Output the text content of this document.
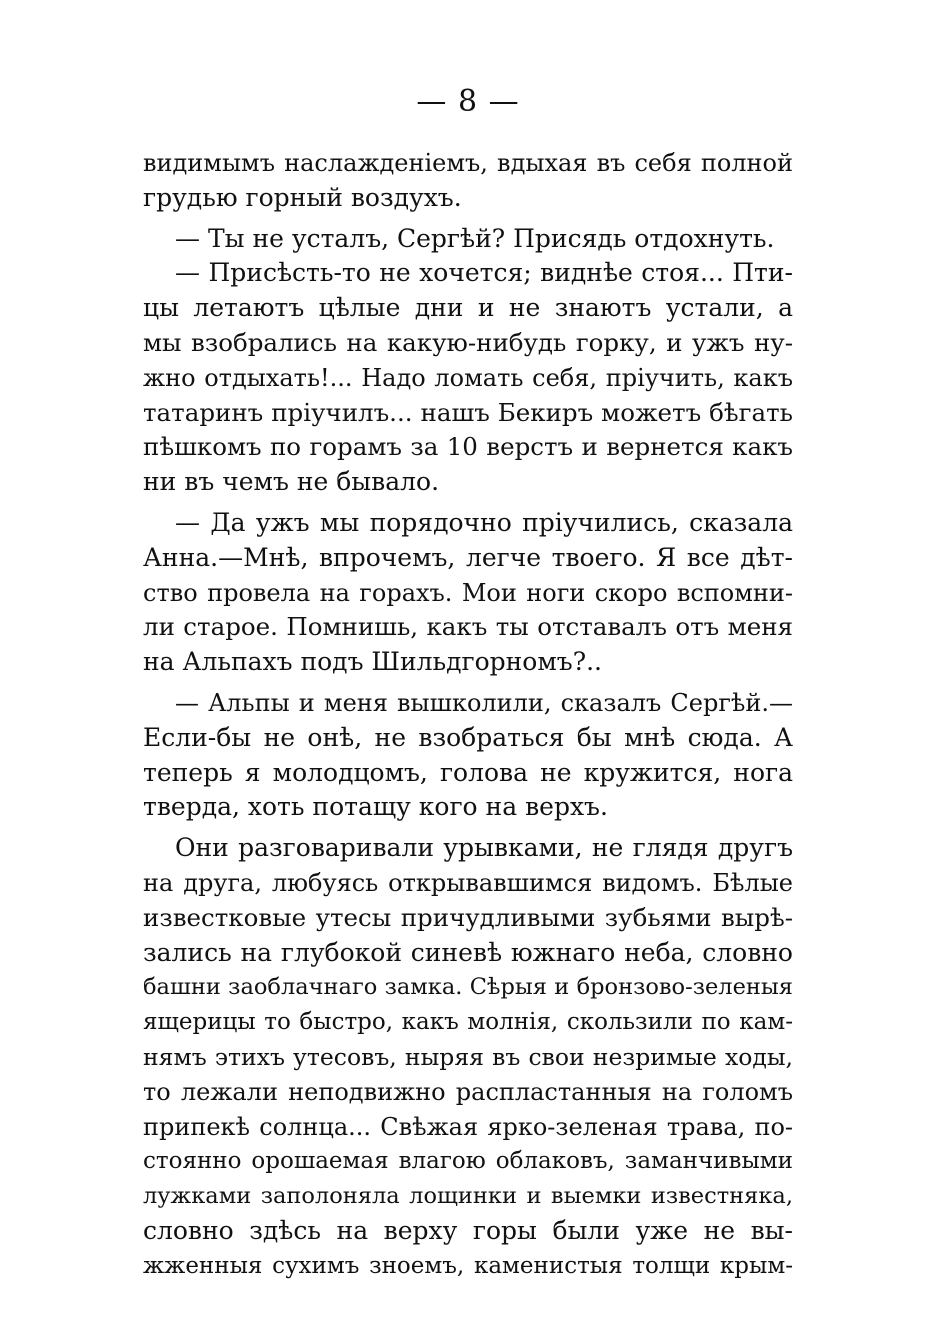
— 8 —
видимымъ наслажденіемъ, вдыхая въ себя полной
грудью горный воздухъ.
— Ты не усталъ, Сергѣй? Присядь отдохнуть.
— Присѣсть-то не хочется; виднѣе стоя... Пти-
цы летаютъ цѣлые дни и не знаютъ устали, а
мы взобрались на какую-нибудь горку, и ужъ ну-
жно отдыхать!... Надо ломать себя, пріучить, какъ
татаринъ пріучилъ... нашъ Бекиръ можетъ бѣгать
пѣшкомъ по горамъ за 10 верстъ и вернется какъ
ни въ чемъ не бывало.
— Да ужъ мы порядочно пріучились, сказала
Анна.—Мнѣ, впрочемъ, легче твоего. Я все дѣт-
ство провела на горахъ. Мои ноги скоро вспомни-
ли старое. Помнишь, какъ ты отставалъ отъ меня
на Альпахъ подъ Шильдгорномъ?..
— Альпы и меня вышколили, сказалъ Сергѣй.—
Если-бы не онѣ, не взобраться бы мнѣ сюда. А
теперь я молодцомъ, голова не кружится, нога
тверда, хоть потащу кого на верхъ.
Они разговаривали урывками, не глядя другъ
на друга, любуясь открывавшимся видомъ. Бѣлые
известковые утесы причудливыми зубьями вырѣ-
зались на глубокой синевѣ южнаго неба, словно
башни заоблачнаго замка. Сѣрыя и бронзово-зеленыя
ящерицы то быстро, какъ молнія, скользили по кам-
нямъ этихъ утесовъ, ныряя въ свои незримые ходы,
то лежали неподвижно распластанныя на голомъ
припекѣ солнца... Свѣжая ярко-зеленая трава, по-
стоянно орошаемая влагою облаковъ, заманчивыми
лужками заполоняла лощинки и выемки известняка,
словно здѣсь на верху горы были уже не вы-
жженныя сухимъ зноемъ, каменистыя толщи крым-
